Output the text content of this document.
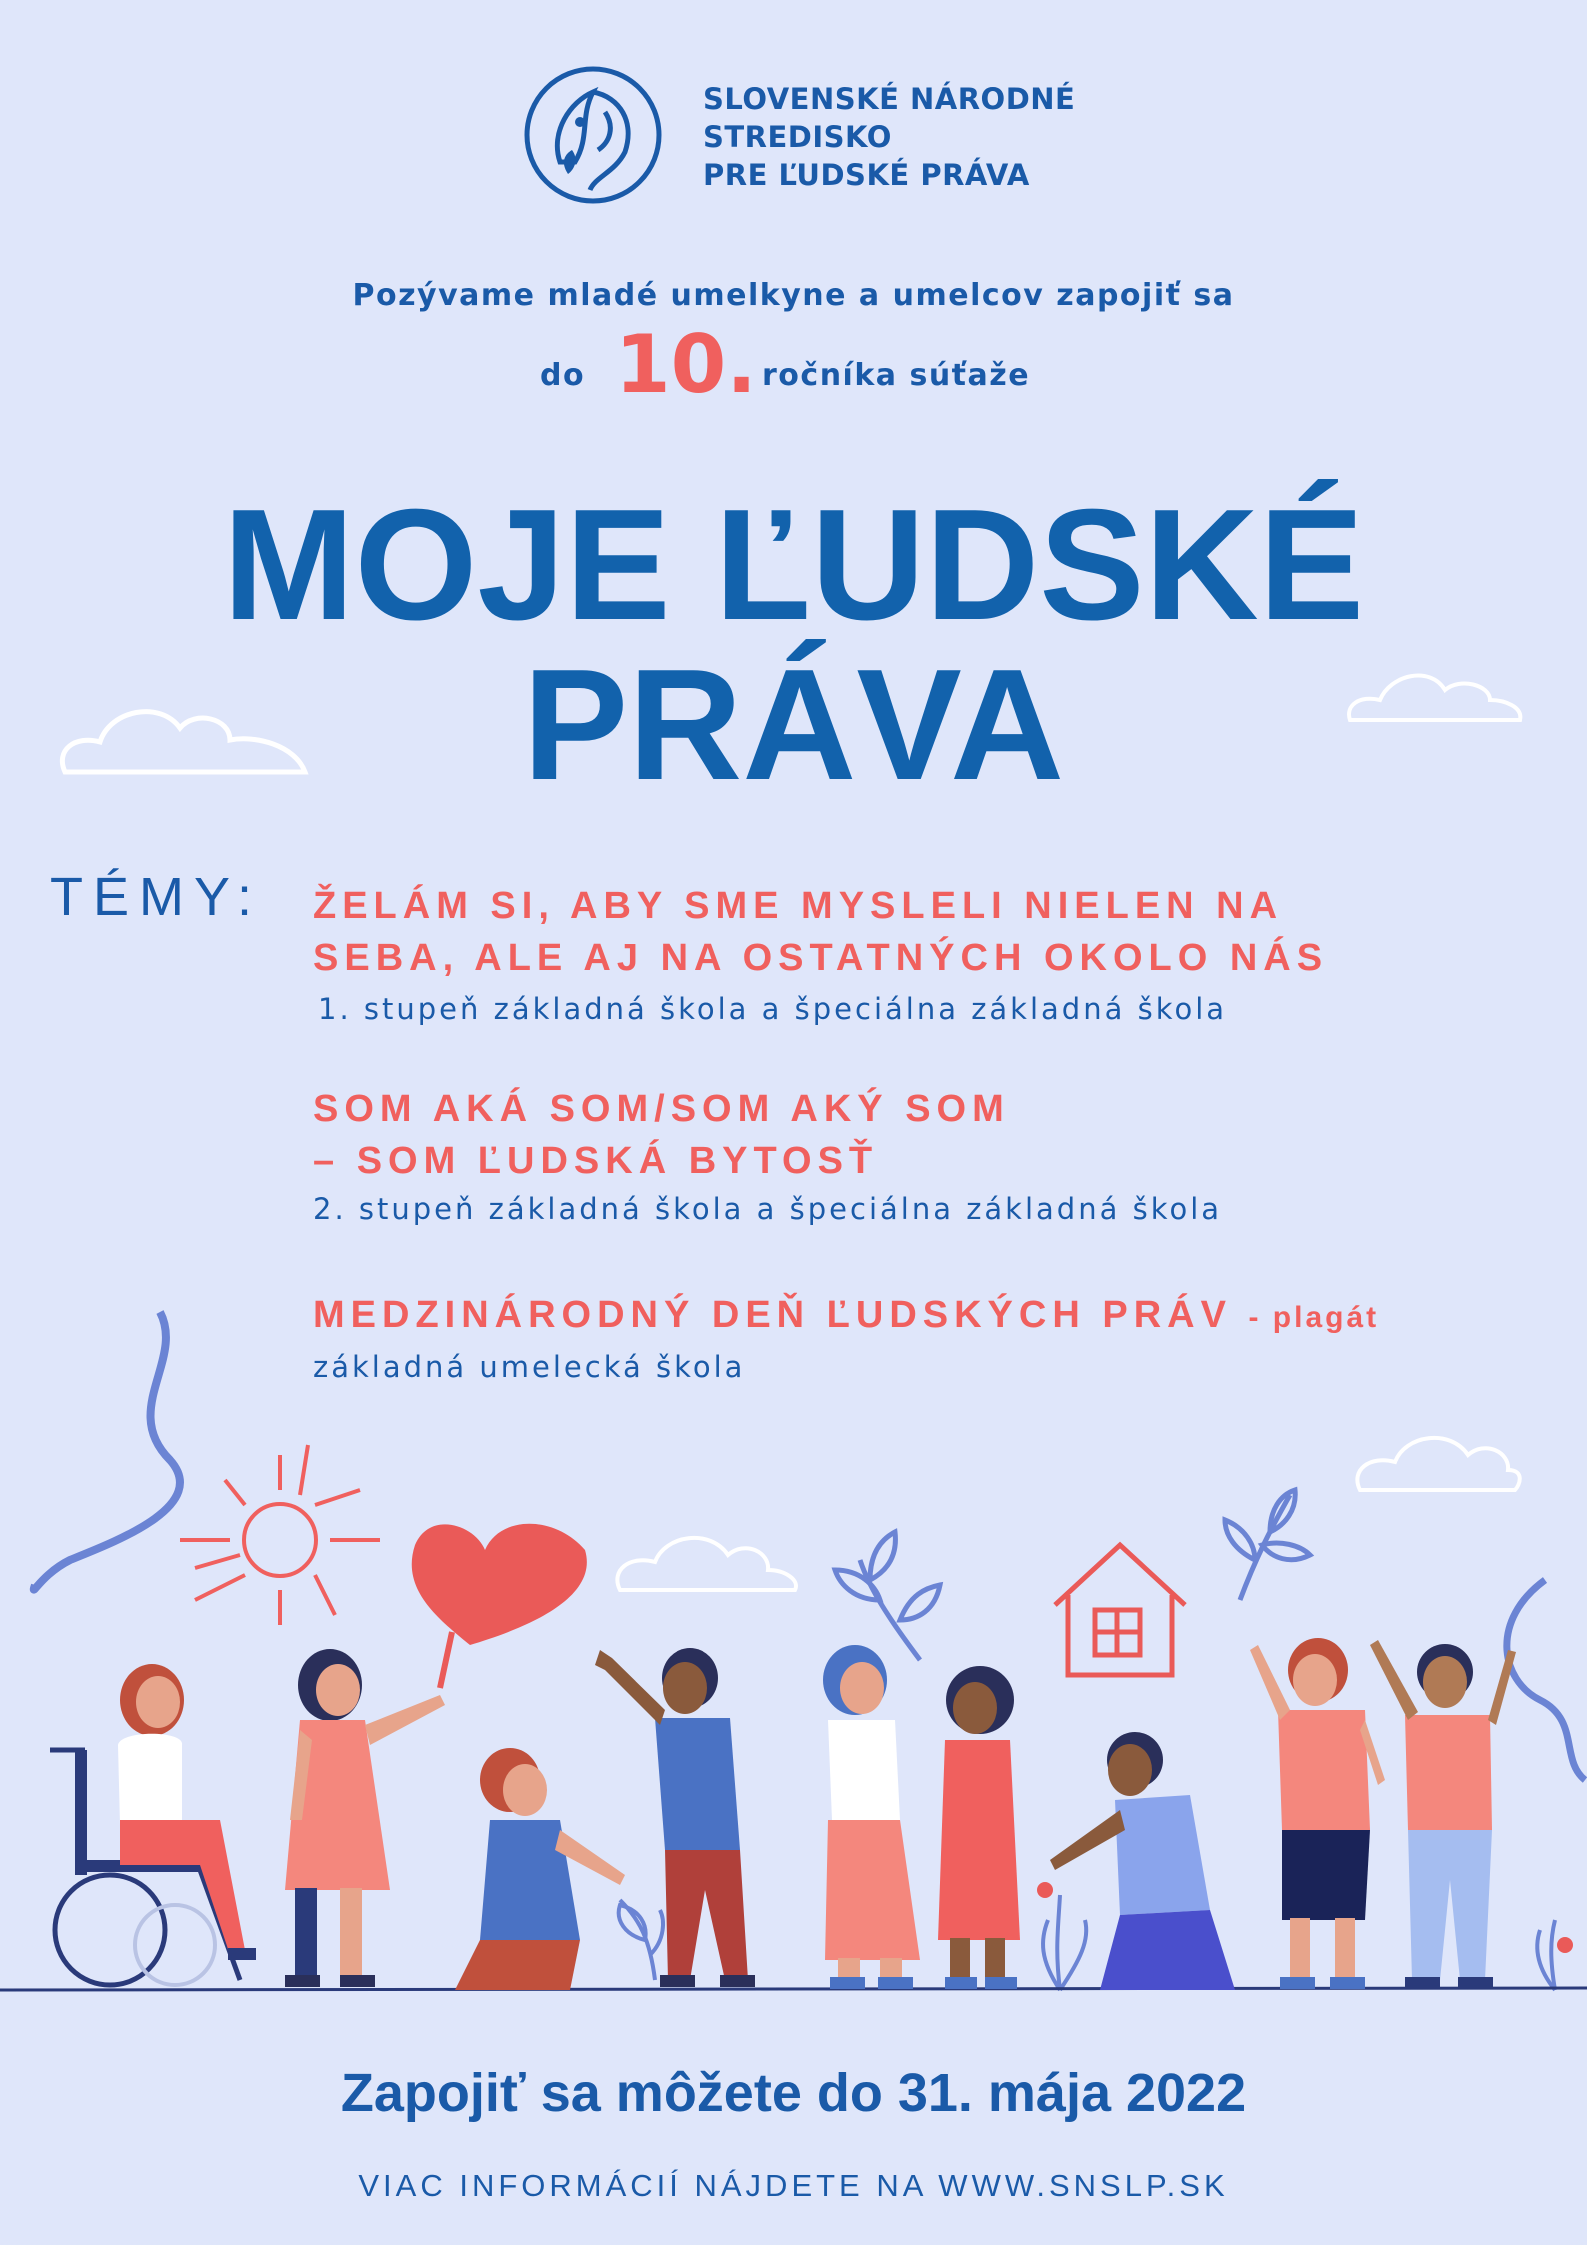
SLOVENSKÉ NÁRODNÉ
STREDISKO
PRE ĽUDSKÉ PRÁVA
Pozývame mladé umelkyne a umelcov zapojiť sa
do 10. ročníka súťaže
MOJE ĽUDSKÉ
PRÁVA
TÉMY: ŽELÁM SI, ABY SME MYSLELI NIELEN NA
SEBA, ALE AJ NA OSTATNÝCH OKOLO NÁS
1. stupeň základná škola a špeciálna základná škola
SOM AKÁ SOM/SOM AKÝ SOM
– SOM ĽUDSKÁ BYTOSŤ
2. stupeň základná škola a špeciálna základná škola
MEDZINÁRODNÝ DEŇ ĽUDSKÝCH PRÁV - plagát
základná umelecká škola
Zapojiť sa môžete do 31. mája 2022
VIAC INFORMÁCIÍ NÁJDETE NA WWW.SNSLP.SK
